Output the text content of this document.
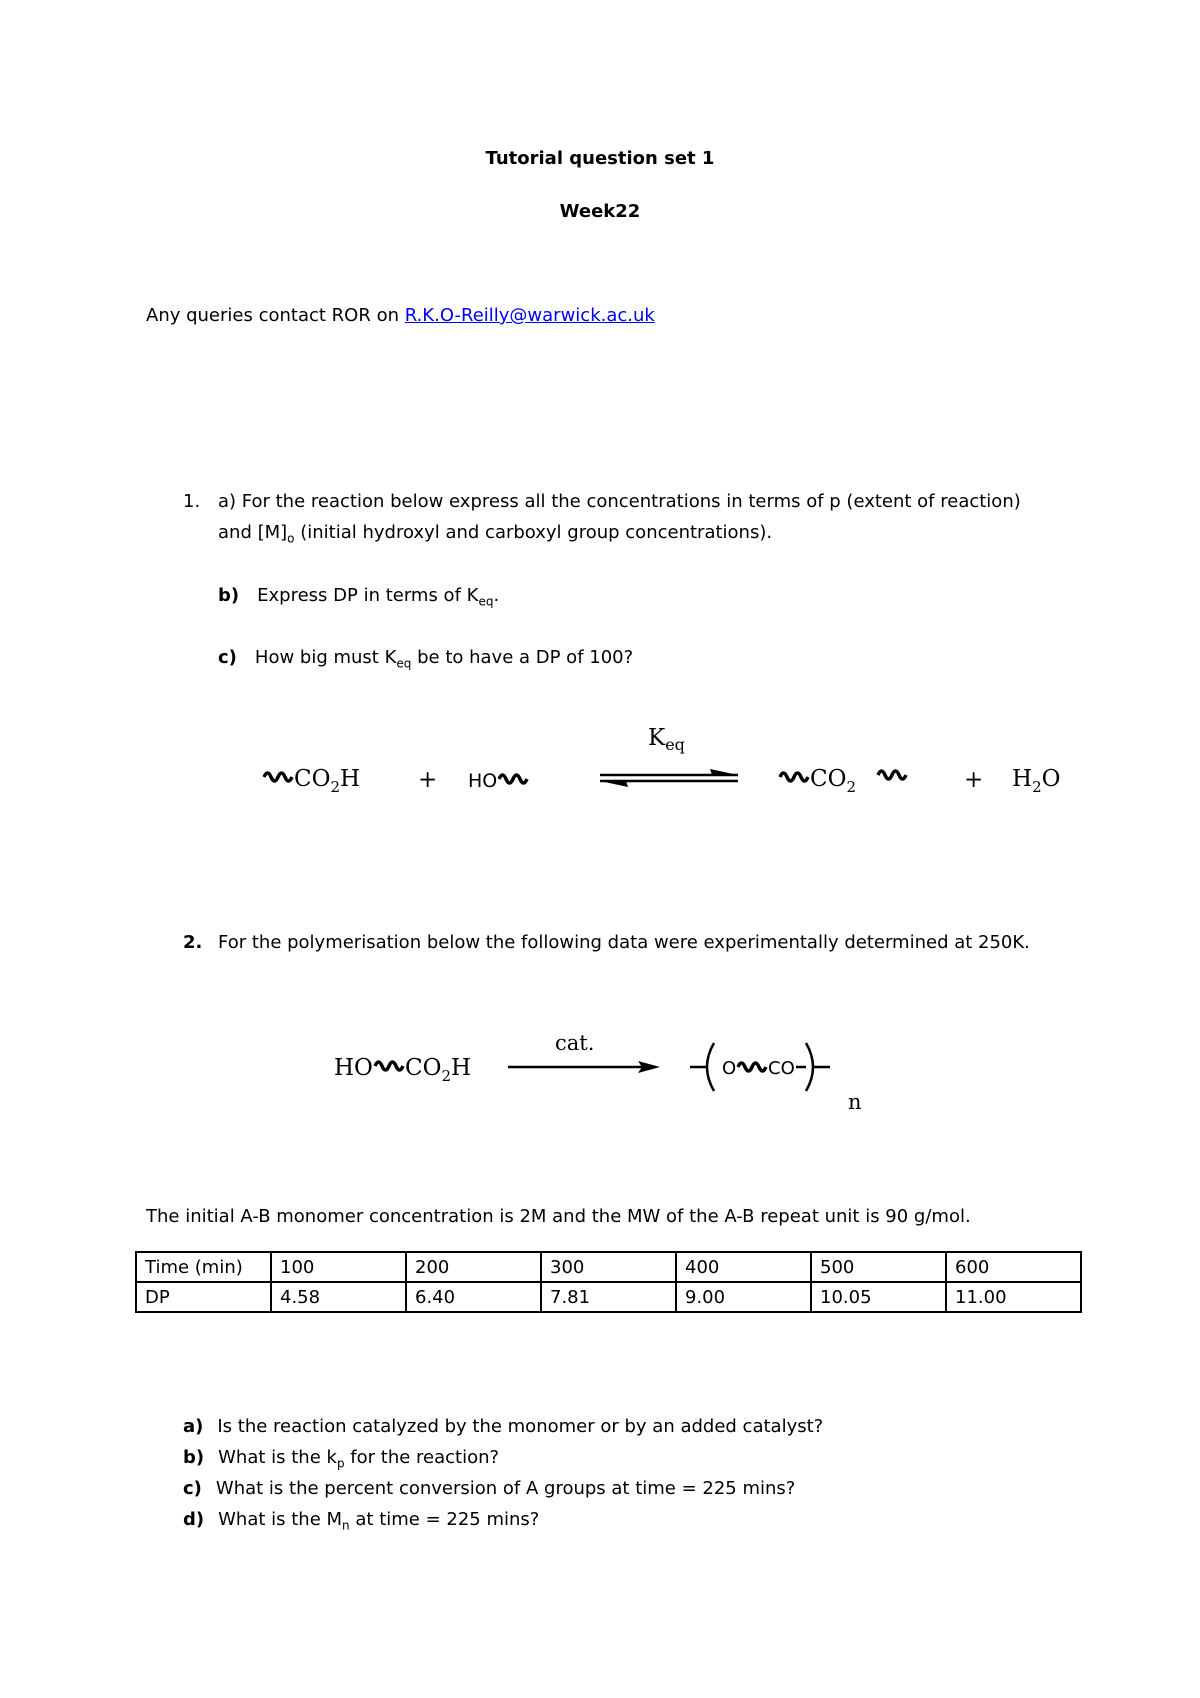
Tutorial question set 1
Week22
Any queries contact ROR on R.K.O-Reilly@warwick.ac.uk
1. a) For the reaction below express all the concentrations in terms of p (extent of reaction)
and $[M]_o$ (initial hydroxyl and carboxyl group concentrations).
b) Express DP in terms of $K_{eq}$.
c) How big must $K_{eq}$ be to have a DP of 100?
$CO_2H$	+ HO
$K_{eq}$
$CO_2$	+ $H_2O$
2. For the polymerisation below the following data were experimentally determined at 250K.
HO $CO_2H$
cat.
O CO
n
The initial A-B monomer concentration is 2M and the MW of the A-B repeat unit is 90 g/mol.
Time (min)	100	200	300	400	500	600
DP	4.58	6.40	7.81	9.00	10.05	11.00
a) Is the reaction catalyzed by the monomer or by an added catalyst?
b) What is the $k_p$ for the reaction?
c) What is the percent conversion of A groups at time = 225 mins?
d) What is the $M_n$ at time = 225 mins?
